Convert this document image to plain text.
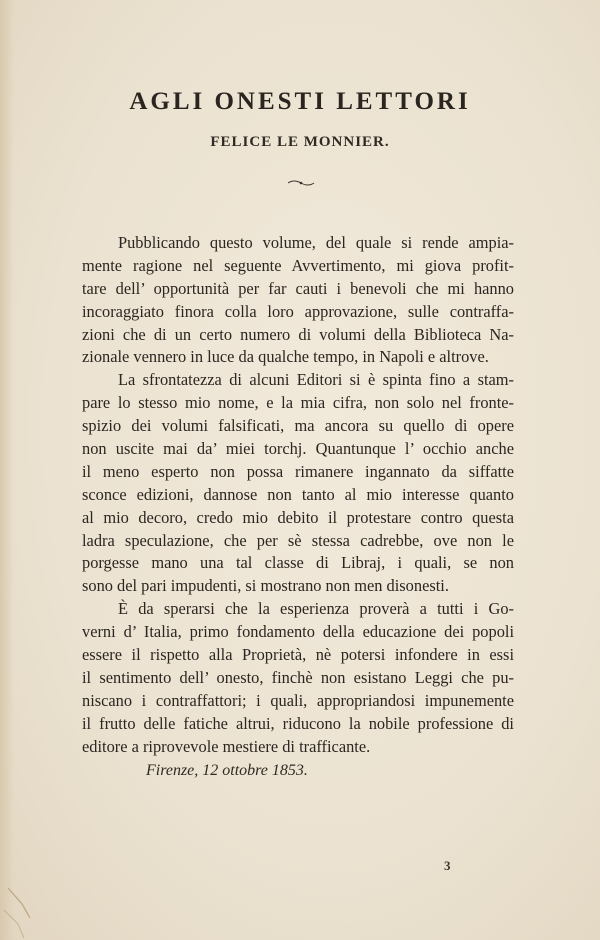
AGLI ONESTI LETTORI
FELICE LE MONNIER.
Pubblicando questo volume, del quale si rende ampia-
mente ragione nel seguente Avvertimento, mi giova profit-
tare dell’ opportunità per far cauti i benevoli che mi hanno
incoraggiato finora colla loro approvazione, sulle contraffa-
zioni che di un certo numero di volumi della Biblioteca Na-
zionale vennero in luce da qualche tempo, in Napoli e altrove.
La sfrontatezza di alcuni Editori si è spinta fino a stam-
pare lo stesso mio nome, e la mia cifra, non solo nel fronte-
spizio dei volumi falsificati, ma ancora su quello di opere
non uscite mai da’ miei torchj. Quantunque l’ occhio anche
il meno esperto non possa rimanere ingannato da siffatte
sconce edizioni, dannose non tanto al mio interesse quanto
al mio decoro, credo mio debito il protestare contro questa
ladra speculazione, che per sè stessa cadrebbe, ove non le
porgesse mano una tal classe di Libraj, i quali, se non
sono del pari impudenti, si mostrano non men disonesti.
È da sperarsi che la esperienza proverà a tutti i Go-
verni d’ Italia, primo fondamento della educazione dei popoli
essere il rispetto alla Proprietà, nè potersi infondere in essi
il sentimento dell’ onesto, finchè non esistano Leggi che pu-
niscano i contraffattori; i quali, appropriandosi impunemente
il frutto delle fatiche altrui, riducono la nobile professione di
editore a riprovevole mestiere di trafficante.
Firenze, 12 ottobre 1853.
3
